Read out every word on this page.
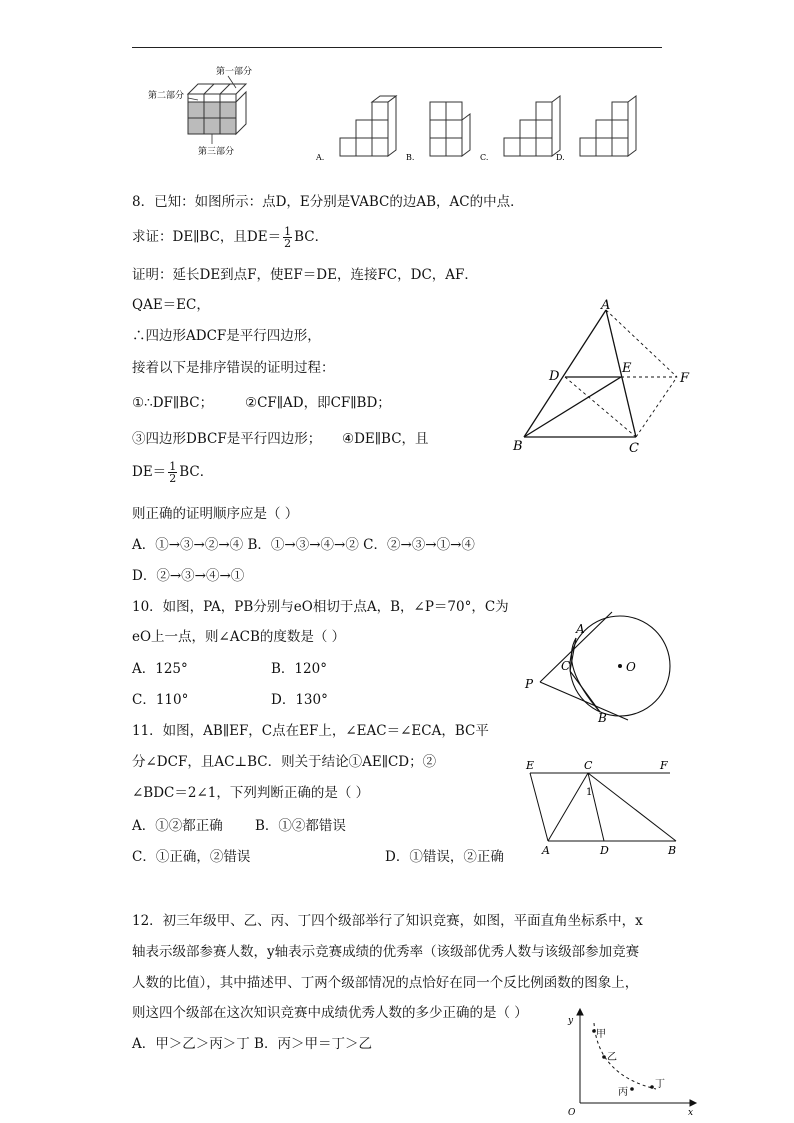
第一部分
第二部分
第三部分
A.	B.	C.	D.
8．已知：如图所示：点D，E分别是VABC的边AB，AC的中点．
求证：DE∥BC，且$DE= \frac{1}{2}$ BC．
证明：延长DE到点F，使EF＝DE，连接FC，DC，AF．
QAE＝EC，
∴四边形ADCF是平行四边形，
接着以下是排序错误的证明过程：
①∴DF∥BC； ②CF∥AD，即CF∥BD；
③四边形DBCF是平行四边形； ④DE∥BC，且
$DE= \frac{1}{2}$ BC．
则正确的证明顺序应是（ ）
A．①→③→②→④ B．①→③→④→② C．②→③→①→④
D．②→③→④→①
A
B	C
D
E
F
10．如图，PA，PB分别与eO相切于点A，B，∠P＝70°，C为
eO上一点，则∠ACB的度数是（ ）
A．125°	B．120°
C．110°	D．130°
A
B
C	O
P
11．如图，AB∥EF，C点在EF上，∠EAC＝∠ECA，BC平
分∠DCF，且AC⊥BC．则关于结论①AE∥CD；②
∠BDC＝2∠1，下列判断正确的是（ ）
A．①②都正确 B．①②都错误
C．①正确，②错误	D．①错误，②正确
E	C	F
A	D	B
1
12．初三年级甲、乙、丙、丁四个级部举行了知识竞赛，如图，平面直角坐标系中，x
轴表示级部参赛人数，y轴表示竞赛成绩的优秀率（该级部优秀人数与该级部参加竞赛
人数的比值），其中描述甲、丁两个级部情况的点恰好在同一个反比例函数的图象上，
则这四个级部在这次知识竞赛中成绩优秀人数的多少正确的是（ ）
A．甲＞乙＞丙＞丁 B．丙＞甲＝丁＞乙
y
x
O
甲
乙
丙
丁
